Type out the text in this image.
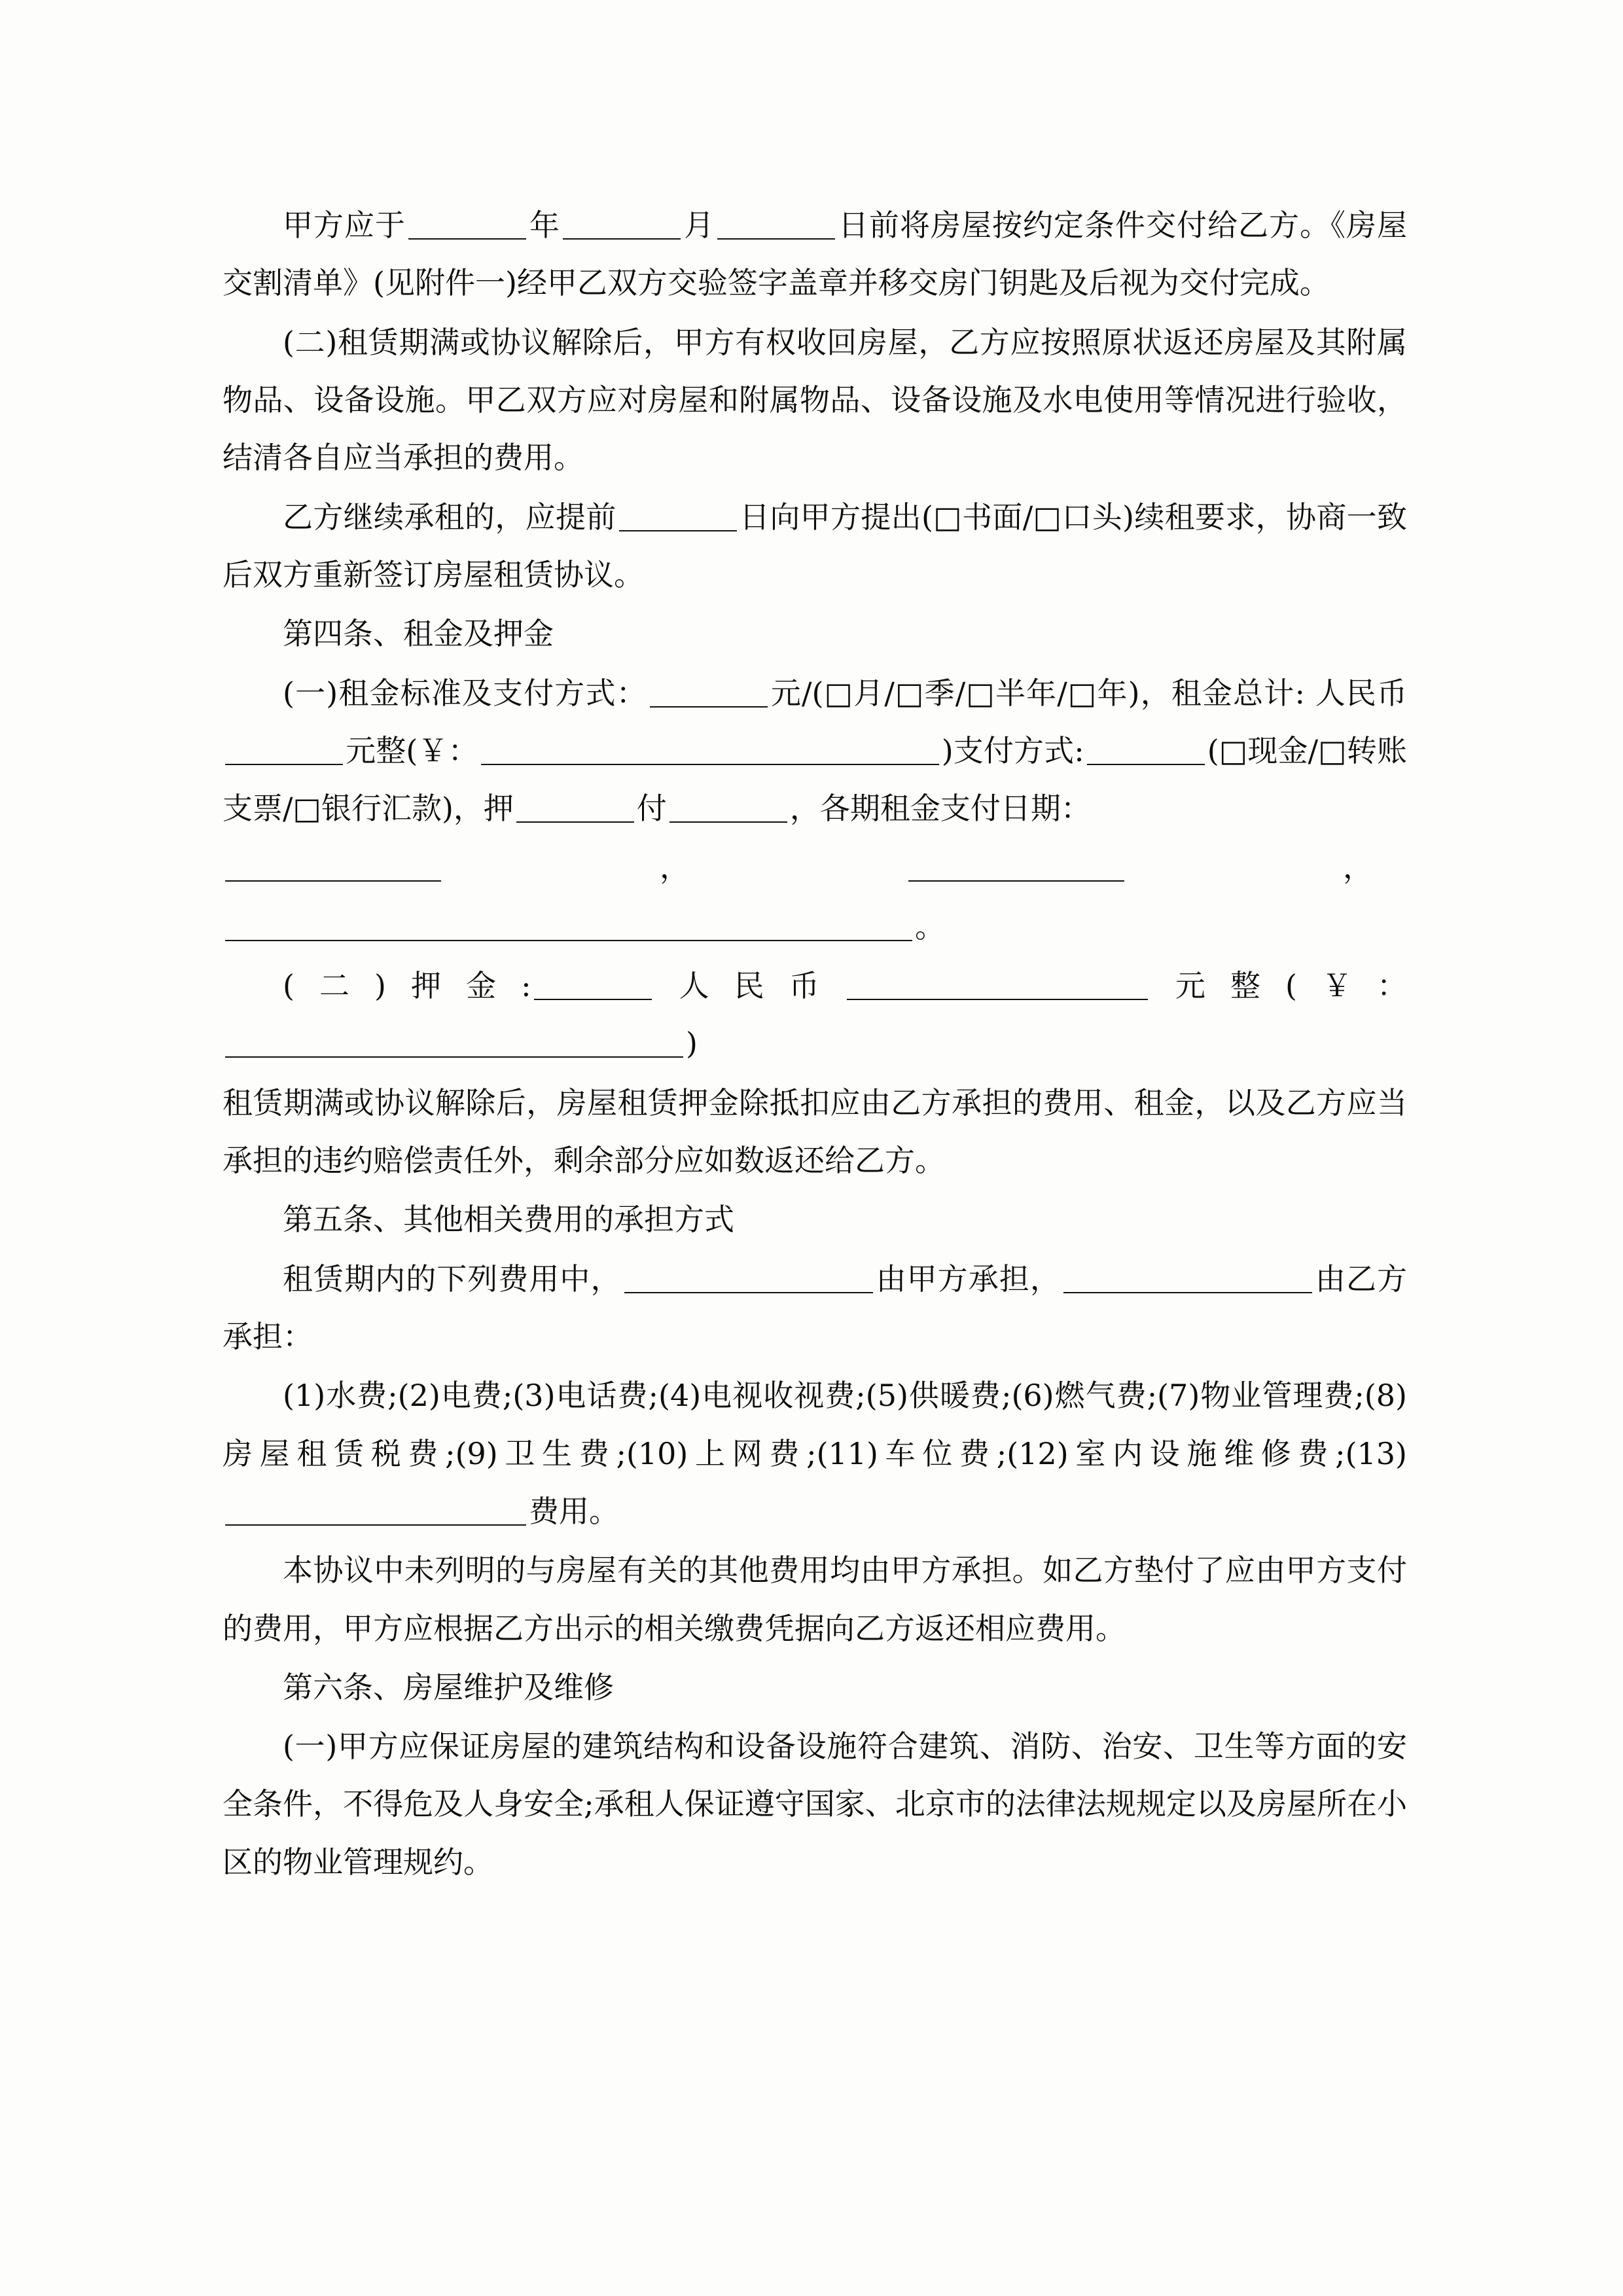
甲方应于	年	月	日前将房屋按约定条件交付给乙方。《房屋交割清单》(见附件一)经甲乙双方交验签字盖章并移交房门钥匙及后视为交付完成。
(二)租赁期满或协议解除后，甲方有权收回房屋，乙方应按照原状返还房屋及其附属物品、设备设施。甲乙双方应对房屋和附属物品、设备设施及水电使用等情况进行验收，结清各自应当承担的费用。
乙方继续承租的，应提前	日向甲方提出(□书面/□口头)续租要求，协商一致后双方重新签订房屋租赁协议。
第四条、租金及押金
(一)租金标准及支付方式：	元/(□月/□季/□半年/□年)，租金总计: 人民币元整(￥：	)支付方式:	(□现金/□转账支票/□银行汇款)，押	付	，各期租金支付日期：
，	，
。
(二)押金:	人民币	元整(￥：)
租赁期满或协议解除后，房屋租赁押金除抵扣应由乙方承担的费用、租金，以及乙方应当承担的违约赔偿责任外，剩余部分应如数返还给乙方。
第五条、其他相关费用的承担方式
租赁期内的下列费用中，	由甲方承担，	由乙方承担：
(1)水费;(2)电费;(3)电话费;(4)电视收视费;(5)供暖费;(6)燃气费;(7)物业管理费;(8)房屋租赁税费;(9)卫生费;(10)上网费;(11)车位费;(12)室内设施维修费;(13)费用。
本协议中未列明的与房屋有关的其他费用均由甲方承担。如乙方垫付了应由甲方支付的费用，甲方应根据乙方出示的相关缴费凭据向乙方返还相应费用。
第六条、房屋维护及维修
(一)甲方应保证房屋的建筑结构和设备设施符合建筑、消防、治安、卫生等方面的安全条件，不得危及人身安全;承租人保证遵守国家、北京市的法律法规规定以及房屋所在小区的物业管理规约。
